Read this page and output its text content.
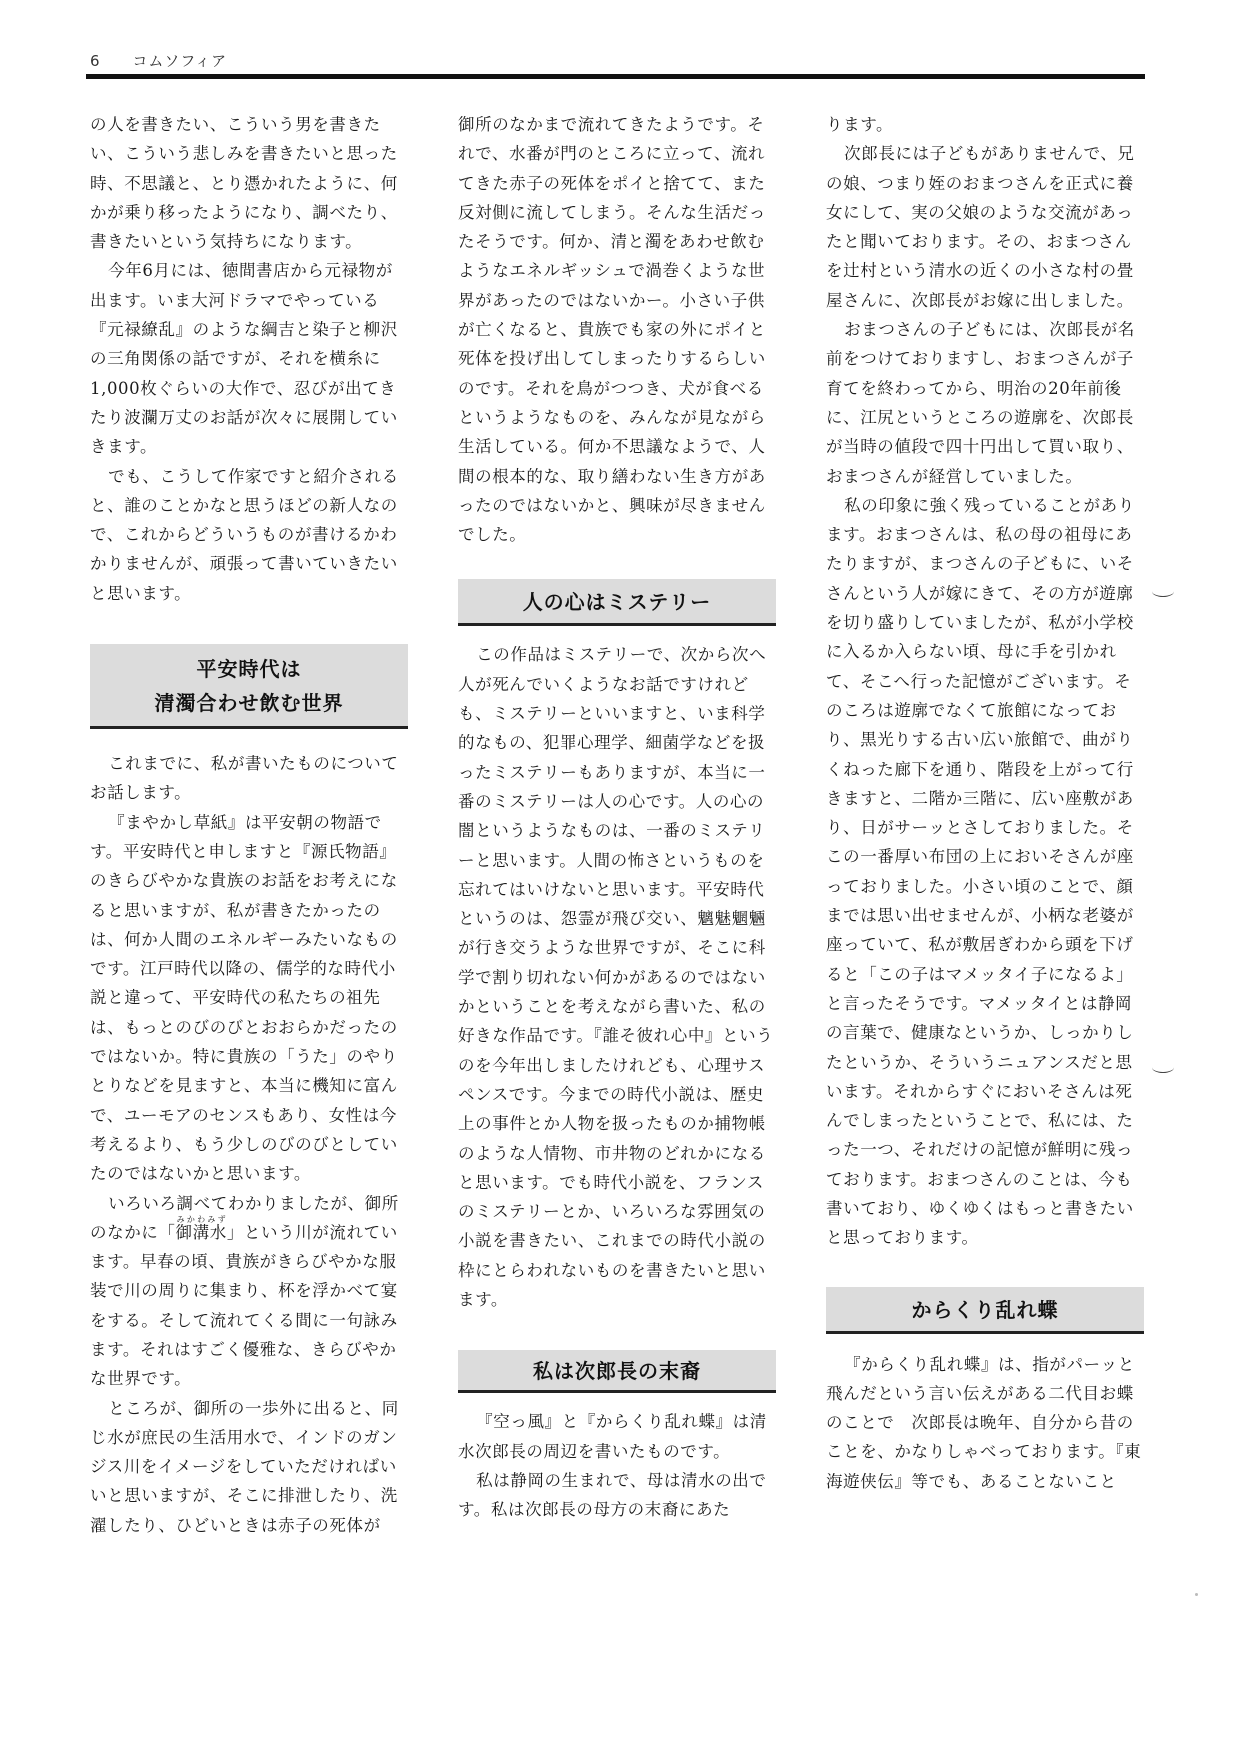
6 コムソフィア

の人を書きたい、こういう男を書きたい、こういう悲しみを書きたいと思った時、不思議と、とり憑かれたように、何かが乗り移ったようになり、調べたり、書きたいという気持ちになります。

今年6月には、徳間書店から元禄物が出ます。いま大河ドラマでやっている『元禄繚乱』のような綱吉と染子と柳沢の三角関係の話ですが、それを横糸に1,000枚ぐらいの大作で、忍びが出てきたり波瀾万丈のお話が次々に展開していきます。

でも、こうして作家ですと紹介されると、誰のことかなと思うほどの新人なので、これからどういうものが書けるかわかりませんが、頑張って書いていきたいと思います。

平安時代は
清濁合わせ飲む世界

これまでに、私が書いたものについてお話します。

『まやかし草紙』は平安朝の物語です。平安時代と申しますと『源氏物語』のきらびやかな貴族のお話をお考えになると思いますが、私が書きたかったのは、何か人間のエネルギーみたいなものです。江戸時代以降の、儒学的な時代小説と違って、平安時代の私たちの祖先は、もっとのびのびとおおらかだったのではないか。特に貴族の「うた」のやりとりなどを見ますと、本当に機知に富んで、ユーモアのセンスもあり、女性は今考えるより、もう少しのびのびとしていたのではないかと思います。

いろいろ調べてわかりましたが、御所のなかに「御溝水みかわみず」という川が流れています。早春の頃、貴族がきらびやかな服装で川の周りに集まり、杯を浮かべて宴をする。そして流れてくる間に一句詠みます。それはすごく優雅な、きらびやかな世界です。

ところが、御所の一歩外に出ると、同じ水が庶民の生活用水で、インドのガンジス川をイメージをしていただければいいと思いますが、そこに排泄したり、洗濯したり、ひどいときは赤子の死体が

御所のなかまで流れてきたようです。それで、水番が門のところに立って、流れてきた赤子の死体をポイと捨てて、また反対側に流してしまう。そんな生活だったそうです。何か、清と濁をあわせ飲むようなエネルギッシュで渦巻くような世界があったのではないかー。小さい子供が亡くなると、貴族でも家の外にポイと死体を投げ出してしまったりするらしいのです。それを鳥がつつき、犬が食べるというようなものを、みんなが見ながら生活している。何か不思議なようで、人間の根本的な、取り繕わない生き方があったのではないかと、興味が尽きませんでした。

人の心はミステリー

この作品はミステリーで、次から次へ人が死んでいくようなお話ですけれども、ミステリーといいますと、いま科学的なもの、犯罪心理学、細菌学などを扱ったミステリーもありますが、本当に一番のミステリーは人の心です。人の心の闇というようなものは、一番のミステリーと思います。人間の怖さというものを忘れてはいけないと思います。平安時代というのは、怨霊が飛び交い、魑魅魍魎が行き交うような世界ですが、そこに科学で割り切れない何かがあるのではないかということを考えながら書いた、私の好きな作品です。『誰そ彼れ心中』というのを今年出しましたけれども、心理サスペンスです。今までの時代小説は、歴史上の事件とか人物を扱ったものか捕物帳のような人情物、市井物のどれかになると思います。でも時代小説を、フランスのミステリーとか、いろいろな雰囲気の小説を書きたい、これまでの時代小説の枠にとらわれないものを書きたいと思います。

私は次郎長の末裔

『空っ風』と『からくり乱れ蝶』は清水次郎長の周辺を書いたものです。

私は静岡の生まれで、母は清水の出です。私は次郎長の母方の末裔にあた

ります。

次郎長には子どもがありませんで、兄の娘、つまり姪のおまつさんを正式に養女にして、実の父娘のような交流があったと聞いております。その、おまつさんを辻村という清水の近くの小さな村の畳屋さんに、次郎長がお嫁に出しました。

おまつさんの子どもには、次郎長が名前をつけておりますし、おまつさんが子育てを終わってから、明治の20年前後に、江尻というところの遊廓を、次郎長が当時の値段で四十円出して買い取り、おまつさんが経営していました。

私の印象に強く残っていることがあります。おまつさんは、私の母の祖母にあたりますが、まつさんの子どもに、いそさんという人が嫁にきて、その方が遊廓を切り盛りしていましたが、私が小学校に入るか入らない頃、母に手を引かれて、そこへ行った記憶がございます。そのころは遊廓でなくて旅館になっており、黒光りする古い広い旅館で、曲がりくねった廊下を通り、階段を上がって行きますと、二階か三階に、広い座敷があり、日がサーッとさしておりました。そこの一番厚い布団の上においそさんが座っておりました。小さい頃のことで、顔までは思い出せませんが、小柄な老婆が座っていて、私が敷居ぎわから頭を下げると「この子はマメッタイ子になるよ」と言ったそうです。マメッタイとは静岡の言葉で、健康なというか、しっかりしたというか、そういうニュアンスだと思います。それからすぐにおいそさんは死んでしまったということで、私には、たった一つ、それだけの記憶が鮮明に残っております。おまつさんのことは、今も書いており、ゆくゆくはもっと書きたいと思っております。

からくり乱れ蝶

『からくり乱れ蝶』は、指がパーッと飛んだという言い伝えがある二代目お蝶のことで　次郎長は晩年、自分から昔のことを、かなりしゃべっております。『東海遊侠伝』等でも、あることないこと
